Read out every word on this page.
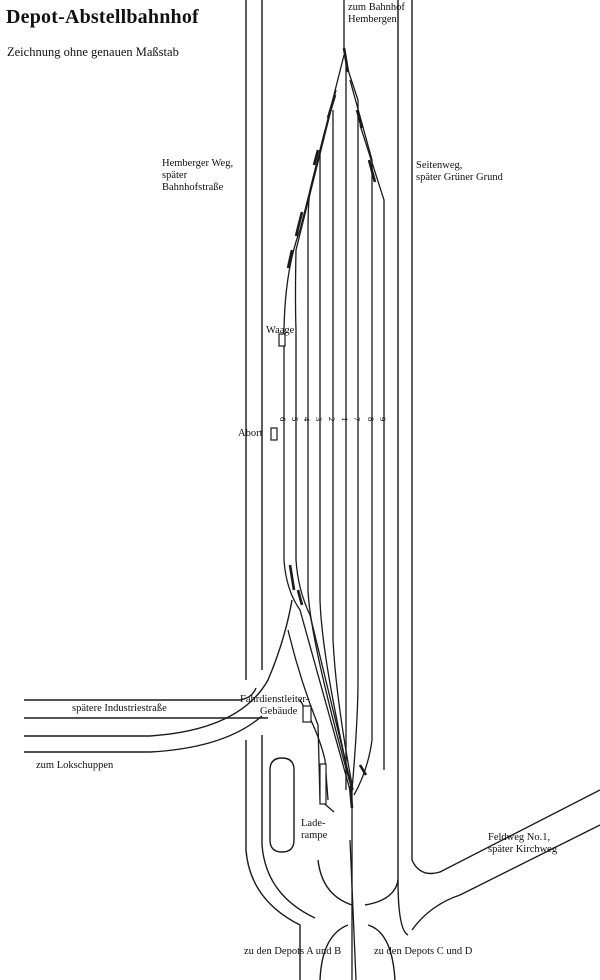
Depot-Abstellbahnhof

Zeichnung ohne genauen Maßstab

6 5 4 3 2 1 7 8 9
zum Bahnhof
Hembergen
Hemberger Weg,
später
Bahnhofstraße
Seitenweg,
später Grüner Grund
Waage
Abort
spätere Industriestraße
Fahrdienstleiter-
Gebäude
zum Lokschuppen
Lade-
rampe	Feldweg No.1,
später Kirchweg
zu den Depots A und B	zu den Depots C und D
